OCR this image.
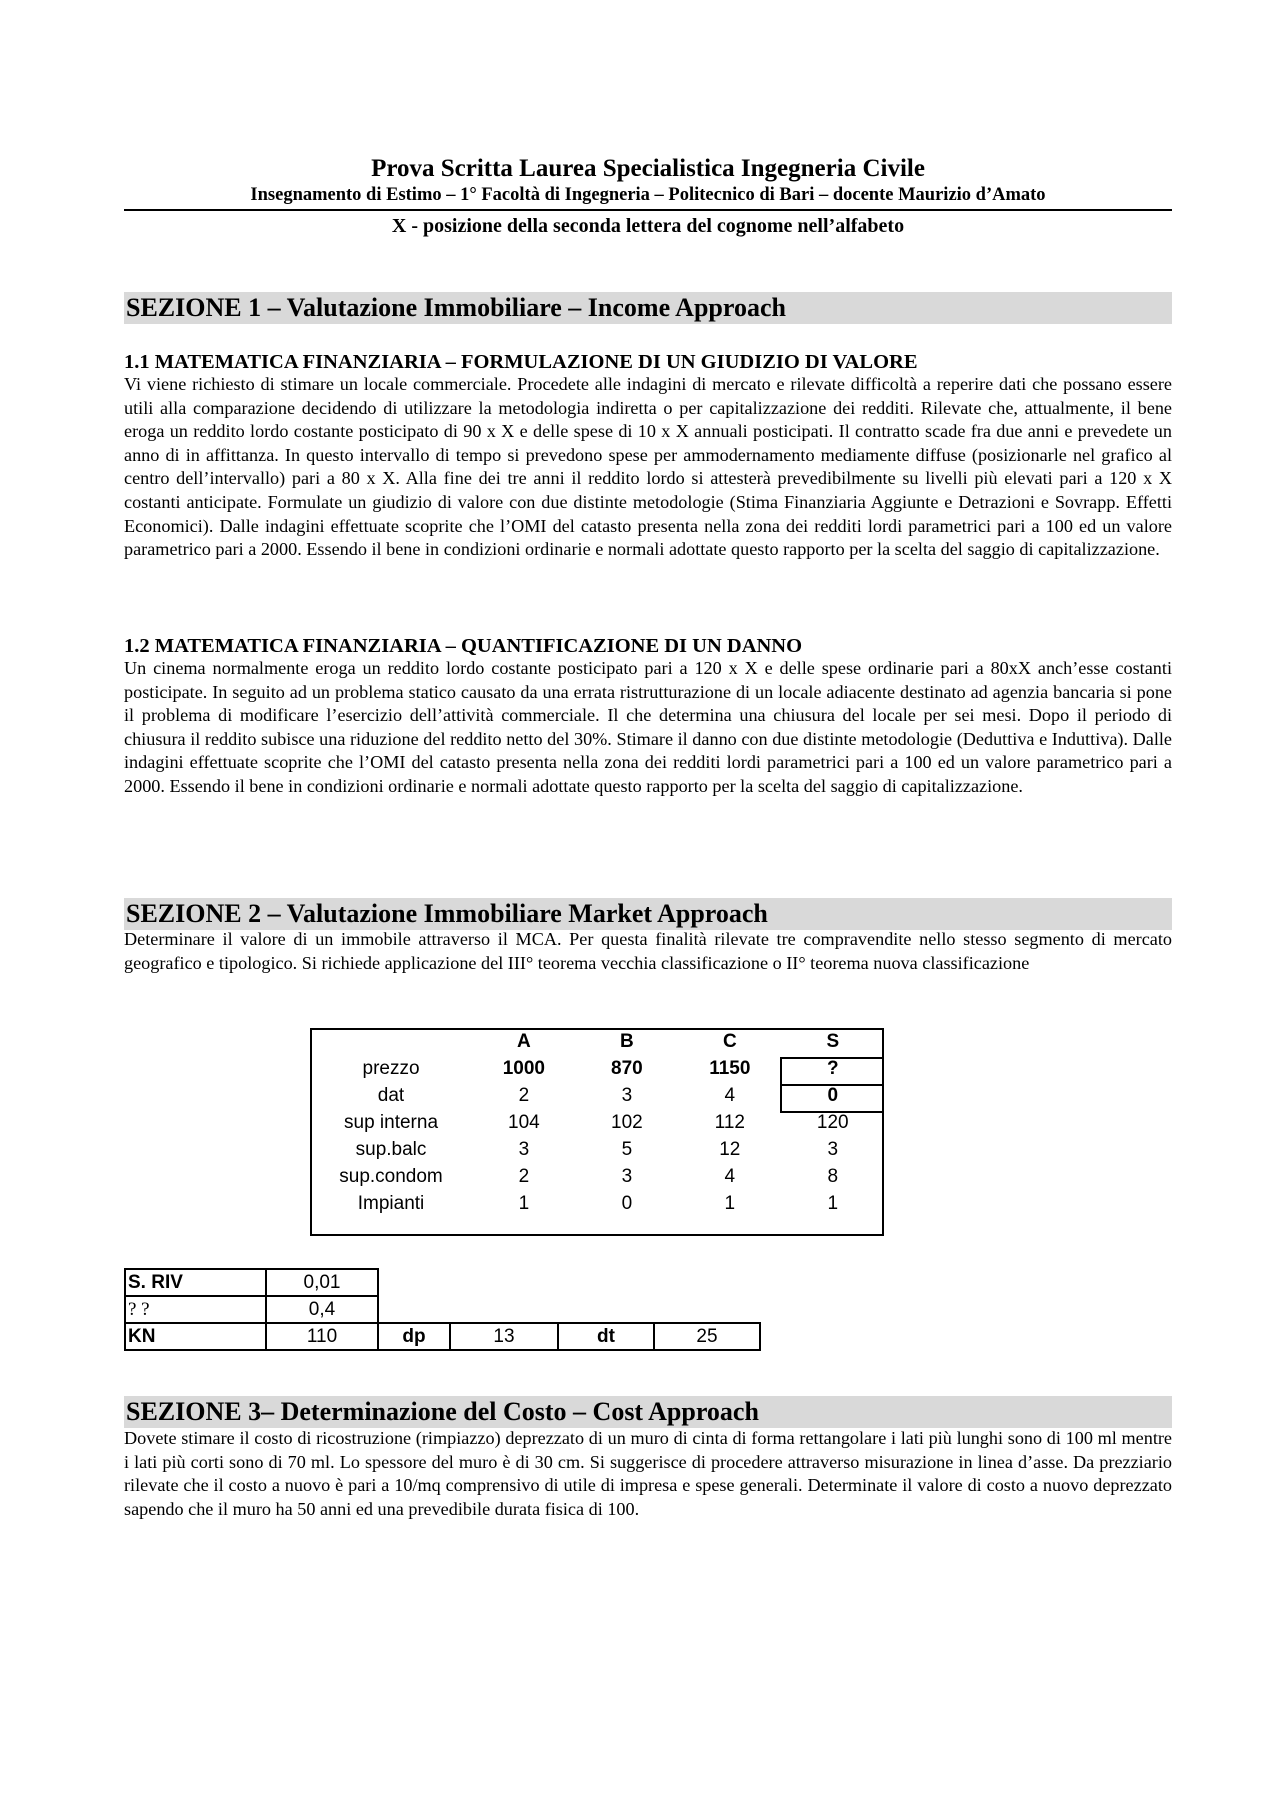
Prova Scritta Laurea Specialistica Ingegneria Civile
Insegnamento di Estimo – 1° Facoltà di Ingegneria – Politecnico di Bari – docente Maurizio d’Amato
X - posizione della seconda lettera del cognome nell’alfabeto
SEZIONE 1 – Valutazione Immobiliare – Income Approach
1.1 MATEMATICA FINANZIARIA – FORMULAZIONE DI UN GIUDIZIO DI VALORE
Vi viene richiesto di stimare un locale commerciale. Procedete alle indagini di mercato e rilevate difficoltà a reperire dati che possano essere utili alla comparazione decidendo di utilizzare la metodologia indiretta o per capitalizzazione dei redditi. Rilevate che, attualmente, il bene eroga un reddito lordo costante posticipato di 90 x X e delle spese di 10 x X annuali posticipati. Il contratto scade fra due anni e prevedete un anno di in affittanza. In questo intervallo di tempo si prevedono spese per ammodernamento mediamente diffuse (posizionarle nel grafico al centro dell’intervallo) pari a 80 x X. Alla fine dei tre anni il reddito lordo si attesterà prevedibilmente su livelli più elevati pari a 120 x X costanti anticipate. Formulate un giudizio di valore con due distinte metodologie (Stima Finanziaria Aggiunte e Detrazioni e Sovrapp. Effetti Economici). Dalle indagini effettuate scoprite che l’OMI del catasto presenta nella zona dei redditi lordi parametrici pari a 100 ed un valore parametrico pari a 2000. Essendo il bene in condizioni ordinarie e normali adottate questo rapporto per la scelta del saggio di capitalizzazione.
1.2 MATEMATICA FINANZIARIA – QUANTIFICAZIONE DI UN DANNO
Un cinema normalmente eroga un reddito lordo costante posticipato pari a 120 x X e delle spese ordinarie pari a 80xX anch’esse costanti posticipate. In seguito ad un problema statico causato da una errata ristrutturazione di un locale adiacente destinato ad agenzia bancaria si pone il problema di modificare l’esercizio dell’attività commerciale. Il che determina una chiusura del locale per sei mesi. Dopo il periodo di chiusura il reddito subisce una riduzione del reddito netto del 30%. Stimare il danno con due distinte metodologie (Deduttiva e Induttiva). Dalle indagini effettuate scoprite che l’OMI del catasto presenta nella zona dei redditi lordi parametrici pari a 100 ed un valore parametrico pari a 2000. Essendo il bene in condizioni ordinarie e normali adottate questo rapporto per la scelta del saggio di capitalizzazione.
SEZIONE 2 – Valutazione Immobiliare Market Approach
Determinare il valore di un immobile attraverso il MCA. Per questa finalità rilevate tre compravendite nello stesso segmento di mercato geografico e tipologico. Si richiede applicazione del III° teorema vecchia classificazione o II° teorema nuova classificazione
	A	B	C	S
prezzo	1000	870	1150	?
dat	2	3	4	0
sup interna	104	102	112	120
sup.balc	3	5	12	3
sup.condom	2	3	4	8
Impianti	1	0	1	1
S. RIV	0,01				
? ?	0,4				
KN	110	dp	13	dt	25
SEZIONE 3– Determinazione del Costo – Cost Approach
Dovete stimare il costo di ricostruzione (rimpiazzo) deprezzato di un muro di cinta di forma rettangolare i lati più lunghi sono di 100 ml mentre i lati più corti sono di 70 ml. Lo spessore del muro è di 30 cm. Si suggerisce di procedere attraverso misurazione in linea d’asse. Da prezziario rilevate che il costo a nuovo è pari a 10/mq comprensivo di utile di impresa e spese generali. Determinate il valore di costo a nuovo deprezzato sapendo che il muro ha 50 anni ed una prevedibile durata fisica di 100.
